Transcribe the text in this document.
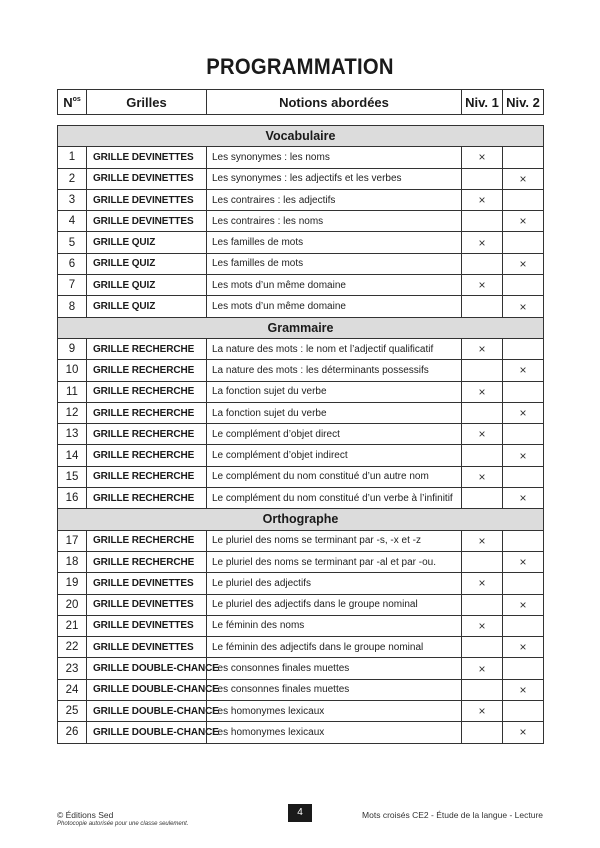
PROGRAMMATION
$N^{os}$	Grilles	Notions abordées	Niv. 1	Niv. 2
Vocabulaire				
1	GRILLE DEVINETTES	Les synonymes : les noms	×	
2	GRILLE DEVINETTES	Les synonymes : les adjectifs et les verbes		×
3	GRILLE DEVINETTES	Les contraires : les adjectifs	×	
4	GRILLE DEVINETTES	Les contraires : les noms		×
5	GRILLE QUIZ	Les familles de mots	×	
6	GRILLE QUIZ	Les familles de mots		×
7	GRILLE QUIZ	Les mots d’un même domaine	×	
8	GRILLE QUIZ	Les mots d’un même domaine		×
Grammaire				
9	GRILLE RECHERCHE	La nature des mots : le nom et l’adjectif qualificatif	×	
10	GRILLE RECHERCHE	La nature des mots : les déterminants possessifs		×
11	GRILLE RECHERCHE	La fonction sujet du verbe	×	
12	GRILLE RECHERCHE	La fonction sujet du verbe		×
13	GRILLE RECHERCHE	Le complément d’objet direct	×	
14	GRILLE RECHERCHE	Le complément d’objet indirect		×
15	GRILLE RECHERCHE	Le complément du nom constitué d’un autre nom	×	
16	GRILLE RECHERCHE	Le complément du nom constitué d’un verbe à l’infinitif		×
Orthographe				
17	GRILLE RECHERCHE	Le pluriel des noms se terminant par -s, -x et -z	×	
18	GRILLE RECHERCHE	Le pluriel des noms se terminant par -al et par -ou.		×
19	GRILLE DEVINETTES	Le pluriel des adjectifs	×	
20	GRILLE DEVINETTES	Le pluriel des adjectifs dans le groupe nominal		×
21	GRILLE DEVINETTES	Le féminin des noms	×	
22	GRILLE DEVINETTES	Le féminin des adjectifs dans le groupe nominal		×
23	GRILLE DOUBLE-CHANCE	Les consonnes finales muettes	×	
24	GRILLE DOUBLE-CHANCE	Les consonnes finales muettes		×
25	GRILLE DOUBLE-CHANCE	Les homonymes lexicaux	×	
26	GRILLE DOUBLE-CHANCE	Les homonymes lexicaux		×
© Éditions Sed
Photocopie autorisée pour une classe seulement.
4	Mots croisés CE2 - Étude de la langue - Lecture
